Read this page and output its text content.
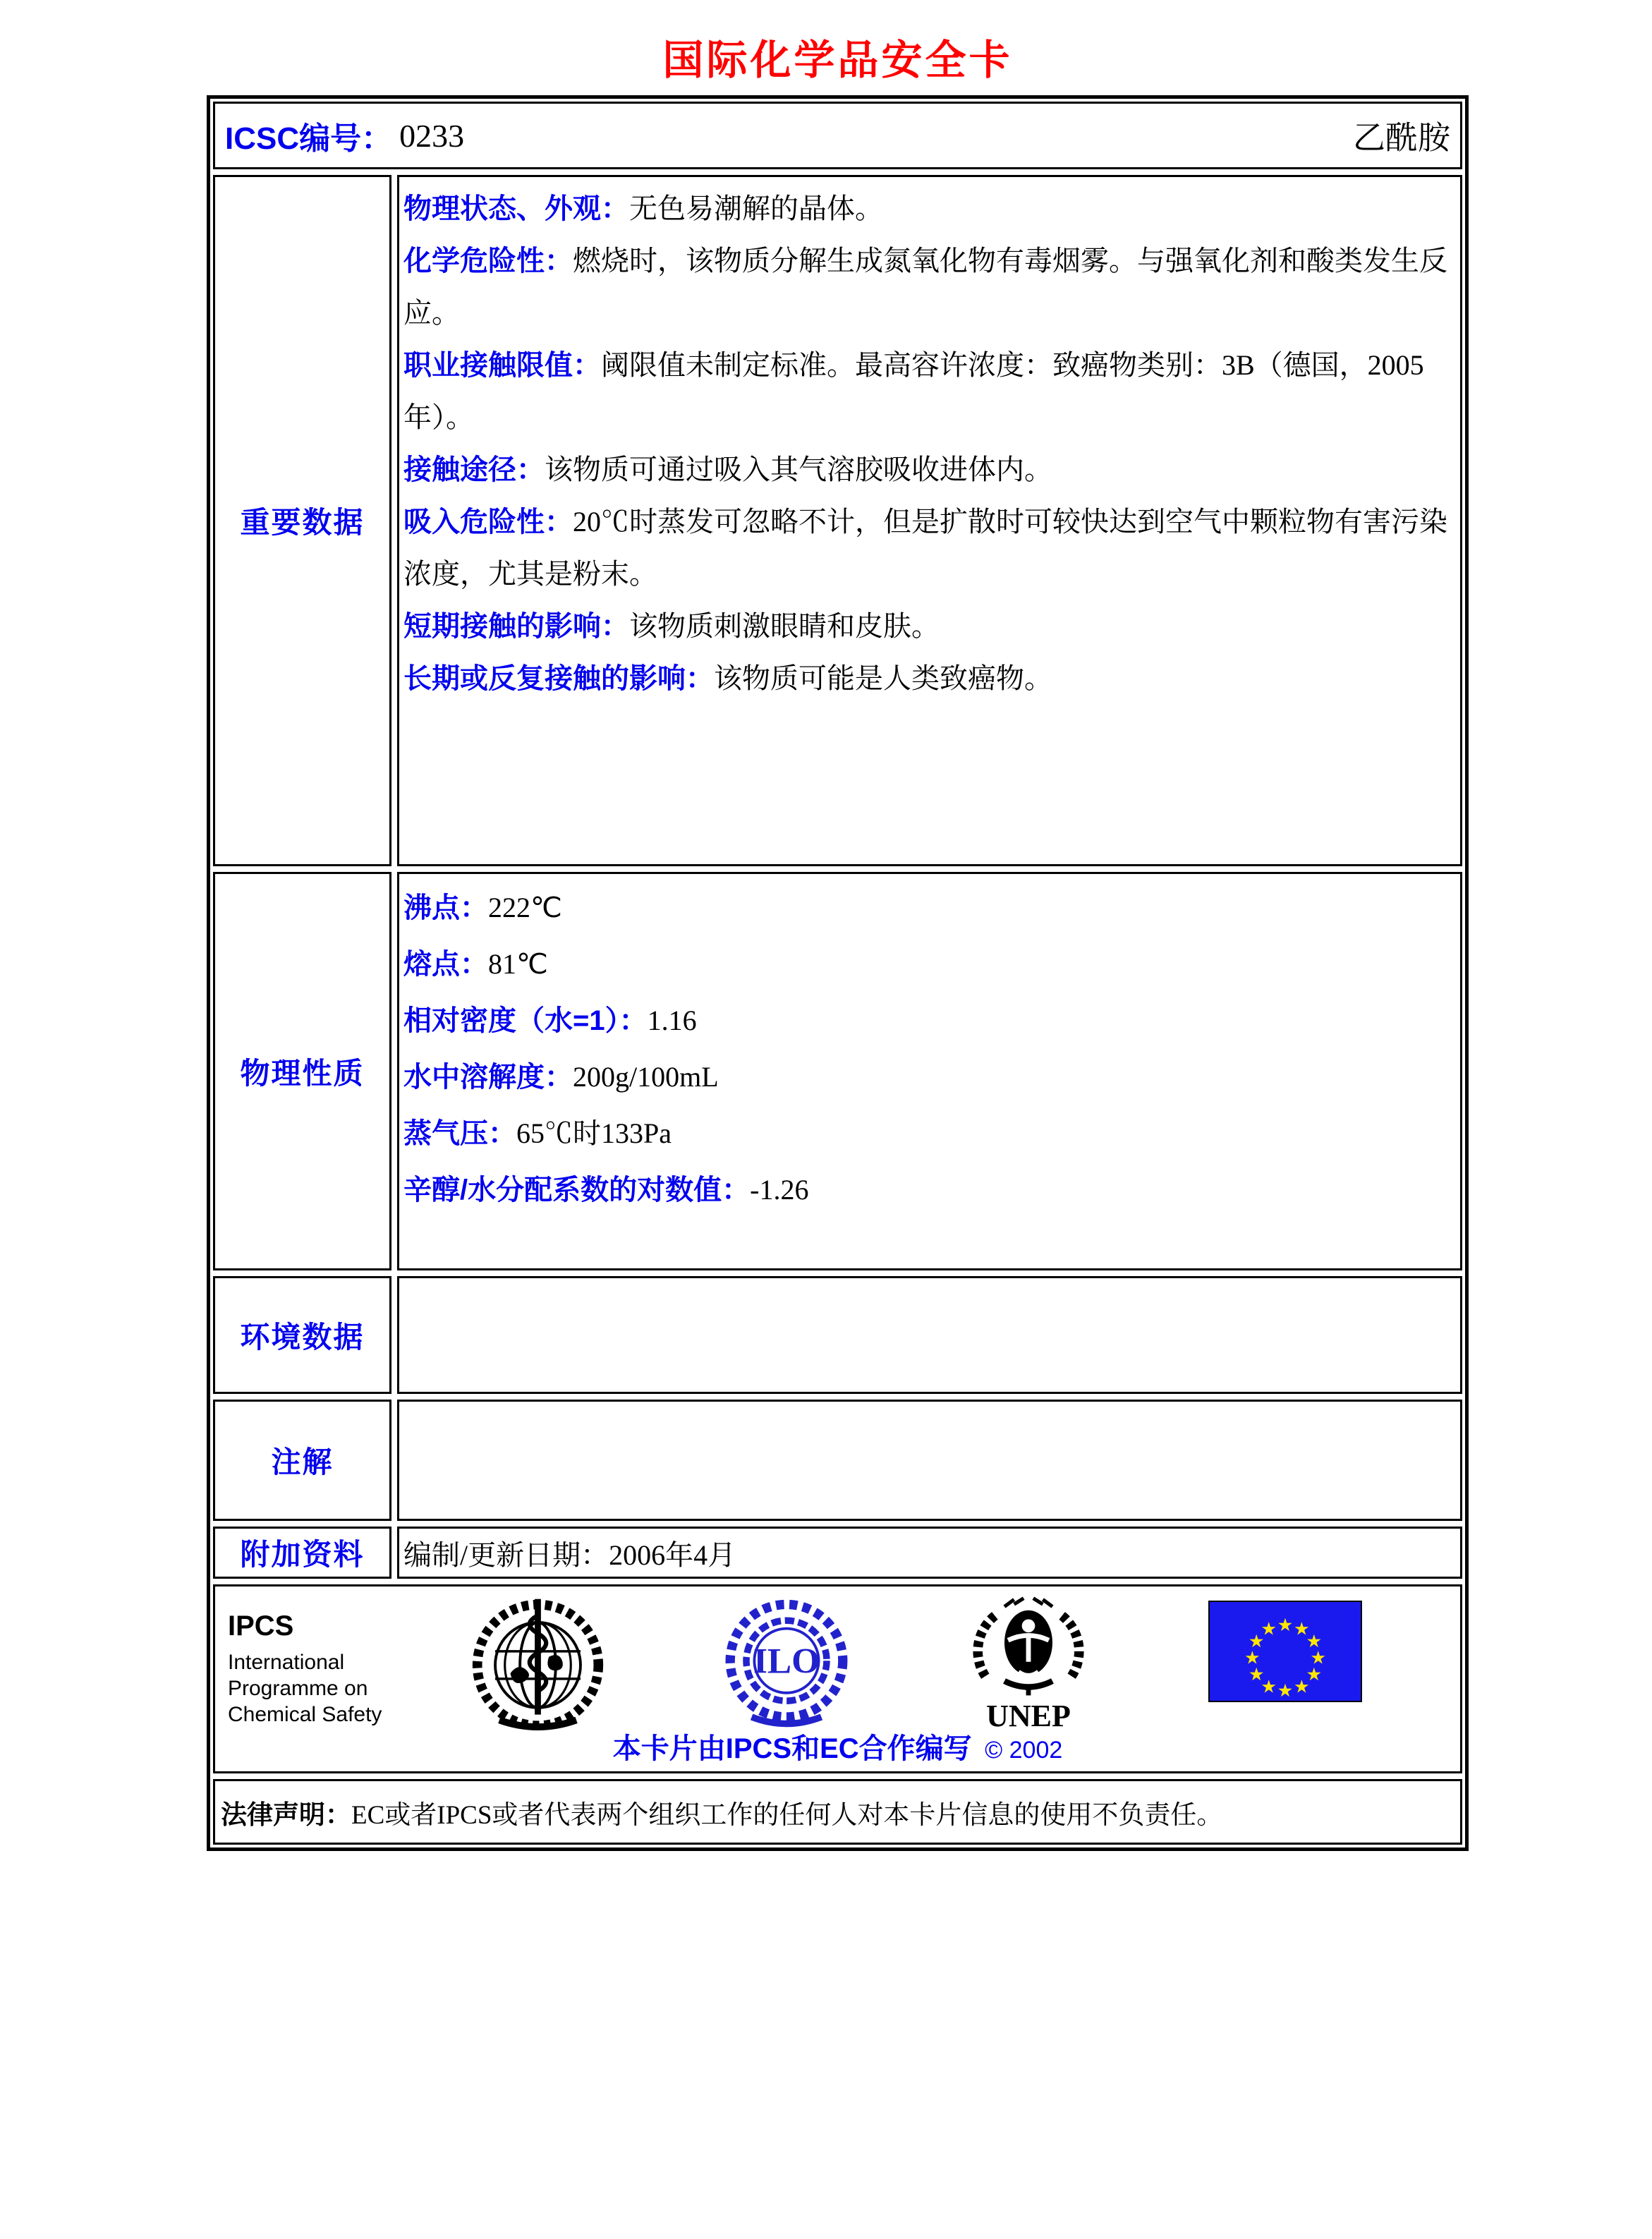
国际化学品安全卡
ICSC编号： 0233	乙酰胺
重要数据

物理状态、外观：无色易潮解的晶体。

化学危险性：燃烧时，该物质分解生成氮氧化物有毒烟雾。与强氧化剂和酸类发生反应。

职业接触限值：阈限值未制定标准。最高容许浓度：致癌物类别：3B（德国，2005年）。

接触途径：该物质可通过吸入其气溶胶吸收进体内。

吸入危险性：20℃时蒸发可忽略不计，但是扩散时可较快达到空气中颗粒物有害污染浓度，尤其是粉末。

短期接触的影响：该物质刺激眼睛和皮肤。

长期或反复接触的影响：该物质可能是人类致癌物。

物理性质

沸点：222℃

熔点：81℃

相对密度（水=1）：1.16

水中溶解度：200g/100mL

蒸气压：65℃时133Pa

辛醇/水分配系数的对数值：-1.26

环境数据
注解
附加资料 编制/更新日期： 2006年4月

IPCS

International

Programme on

Chemical Safety

ILO
UNEP
★ ★
★
★
★
★
★
★
★
★
★
★
本卡片由IPCS和EC合作编写 © 2002
法律声明： EC或者IPCS或者代表两个组织工作的任何人对本卡片信息的使用不负责任。
